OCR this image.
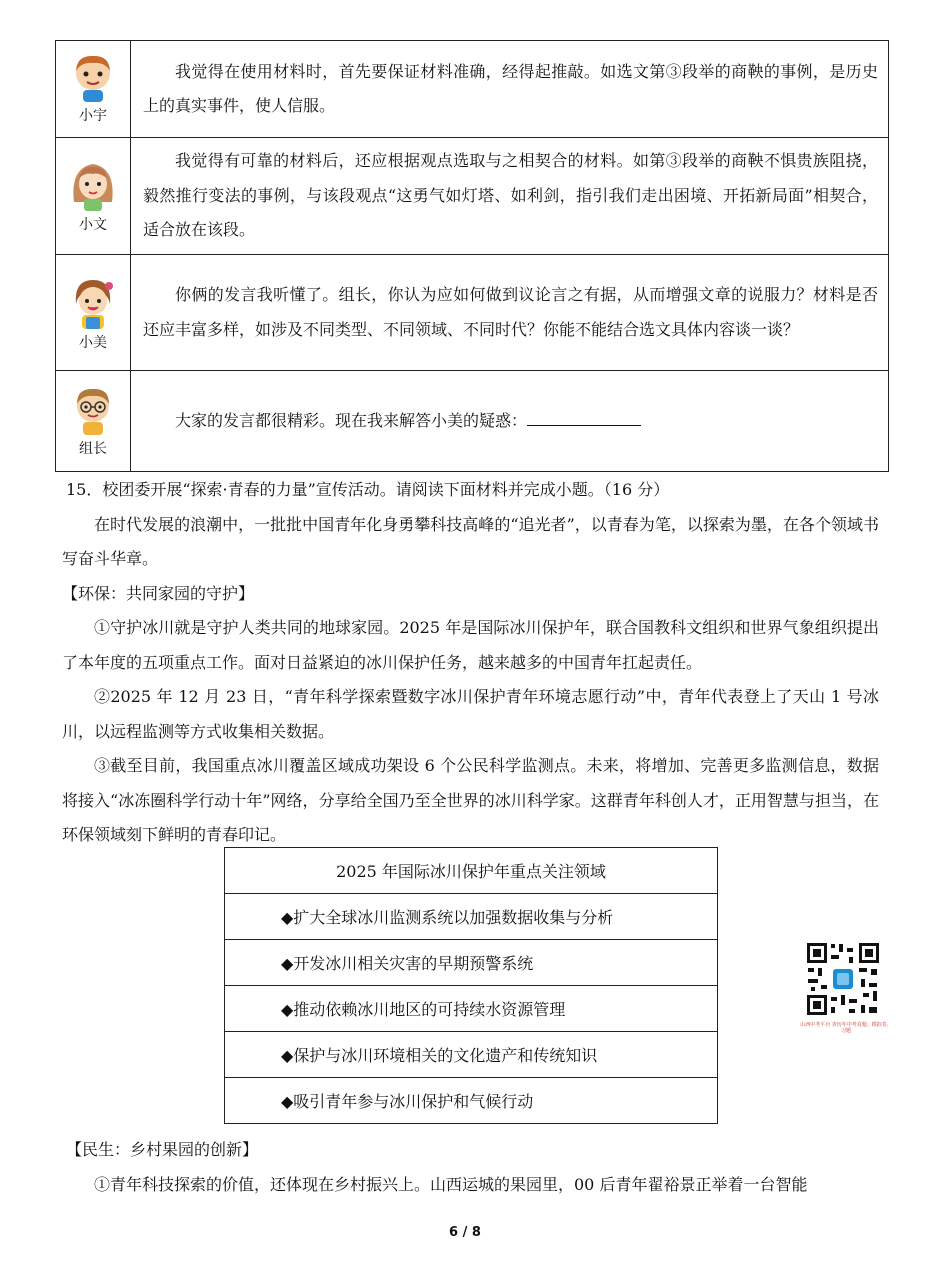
小宇	我觉得在使用材料时，首先要保证材料准确，经得起推敲。如选文第③段举的商鞅的事例，是历史上的真实事件，使人信服。

小文	我觉得有可靠的材料后，还应根据观点选取与之相契合的材料。如第③段举的商鞅不惧贵族阻挠，毅然推行变法的事例，与该段观点“这勇气如灯塔、如利剑，指引我们走出困境、开拓新局面”相契合，适合放在该段。

小美	你俩的发言我听懂了。组长，你认为应如何做到议论言之有据，从而增强文章的说服力？材料是否还应丰富多样，如涉及不同类型、不同领域、不同时代？你能不能结合选文具体内容谈一谈？

组长	大家的发言都很精彩。现在我来解答小美的疑惑：

15．校团委开展“探索·青春的力量”宣传活动。请阅读下面材料并完成小题。（16 分）

在时代发展的浪潮中，一批批中国青年化身勇攀科技高峰的“追光者”，以青春为笔，以探索为墨，在各个领域书写奋斗华章。

【环保：共同家园的守护】

①守护冰川就是守护人类共同的地球家园。2025 年是国际冰川保护年，联合国教科文组织和世界气象组织提出了本年度的五项重点工作。面对日益紧迫的冰川保护任务，越来越多的中国青年扛起责任。

②2025 年 12 月 23 日，“青年科学探索暨数字冰川保护青年环境志愿行动”中，青年代表登上了天山 1 号冰川，以远程监测等方式收集相关数据。

③截至目前，我国重点冰川覆盖区域成功架设 6 个公民科学监测点。未来，将增加、完善更多监测信息，数据将接入“冰冻圈科学行动十年”网络，分享给全国乃至全世界的冰川科学家。这群青年科创人才，正用智慧与担当，在环保领域刻下鲜明的青春印记。

2025 年国际冰川保护年重点关注领域
◆扩大全球冰川监测系统以加强数据收集与分析
◆开发冰川相关灾害的早期预警系统
◆推动依赖冰川地区的可持续水资源管理
◆保护与冰川环境相关的文化遗产和传统知识
◆吸引青年参与冰川保护和气候行动
山西中考平台 查历年中考真题、模拟卷、习题

【民生：乡村果园的创新】

①青年科技探索的价值，还体现在乡村振兴上。山西运城的果园里，00 后青年翟裕景正举着一台智能

6 / 8
